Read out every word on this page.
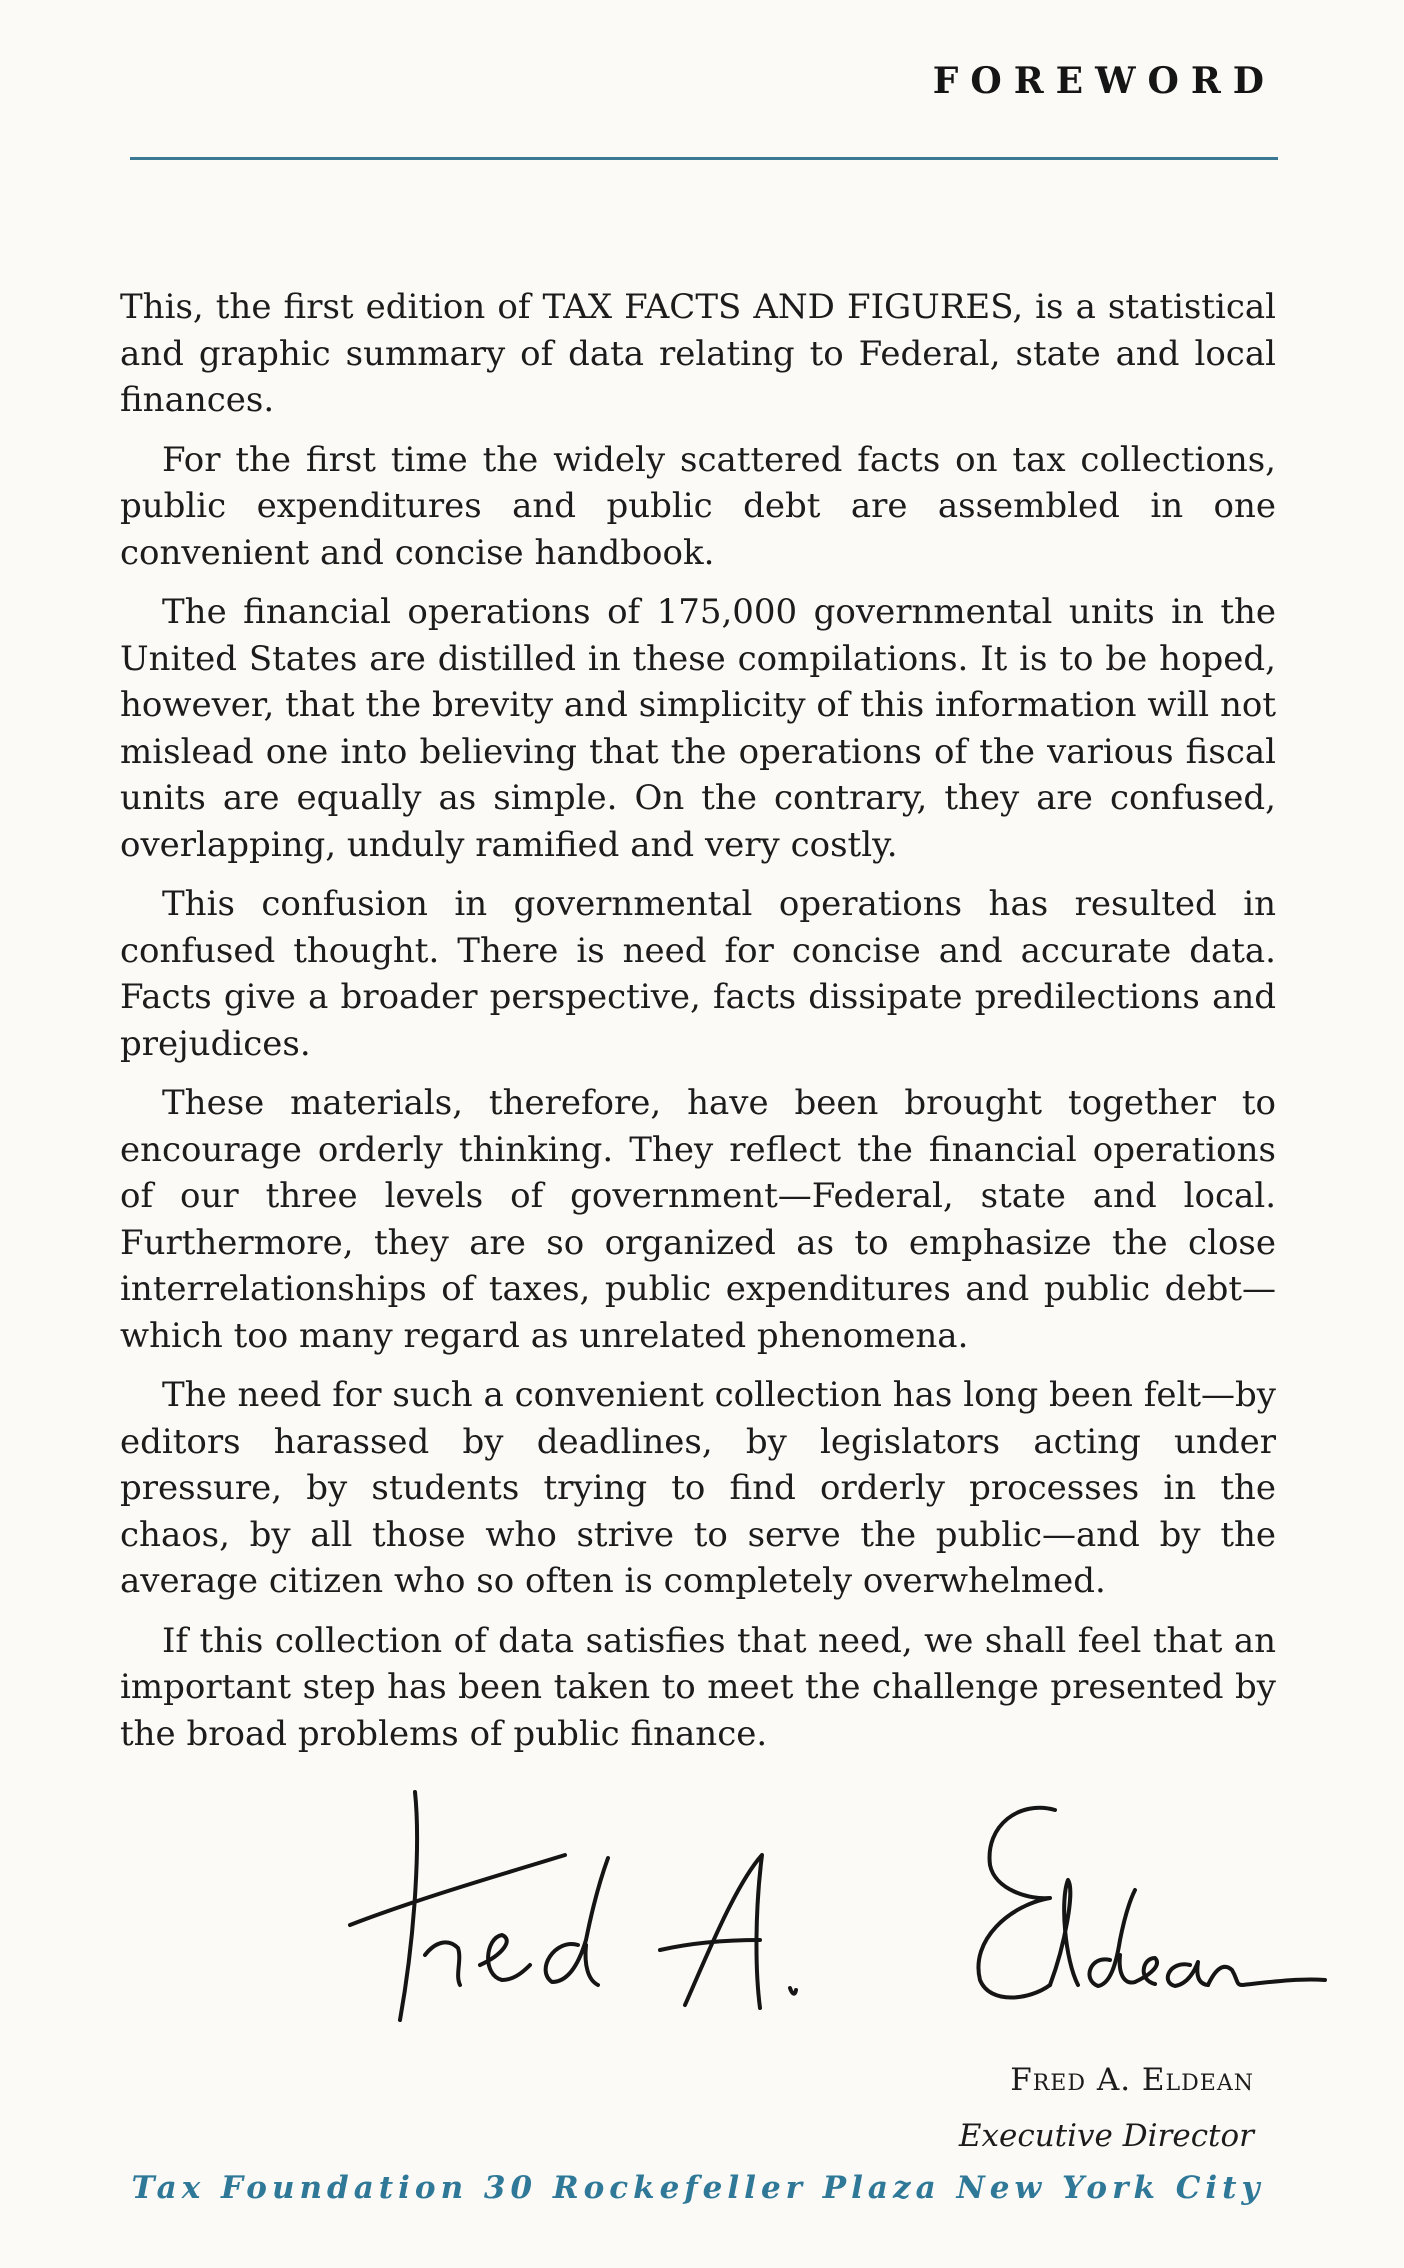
FOREWORD

This, the first edition of TAX FACTS AND FIGURES, is a statistical and graphic summary of data relating to Federal, state and local finances.

For the first time the widely scattered facts on tax collections, public expenditures and public debt are assembled in one convenient and concise handbook.

The financial operations of 175,000 governmental units in the United States are distilled in these compilations. It is to be hoped, however, that the brevity and simplicity of this information will not mislead one into believing that the operations of the various fiscal units are equally as simple. On the contrary, they are confused, overlapping, unduly ramified and very costly.

This confusion in governmental operations has resulted in confused thought. There is need for concise and accurate data. Facts give a broader perspective, facts dissipate predilections and prejudices.

These materials, therefore, have been brought together to encourage orderly thinking. They reflect the financial operations of our three levels of government—Federal, state and local. Furthermore, they are so organized as to emphasize the close interrelationships of taxes, public expenditures and public debt—which too many regard as unrelated phenomena.

The need for such a convenient collection has long been felt—by editors harassed by deadlines, by legislators acting under pressure, by students trying to find orderly processes in the chaos, by all those who strive to serve the public—and by the average citizen who so often is completely overwhelmed.

If this collection of data satisfies that need, we shall feel that an important step has been taken to meet the challenge presented by the broad problems of public finance.

Fred A. Eldean
Executive Director
Tax Foundation 30 Rockefeller Plaza New York City
